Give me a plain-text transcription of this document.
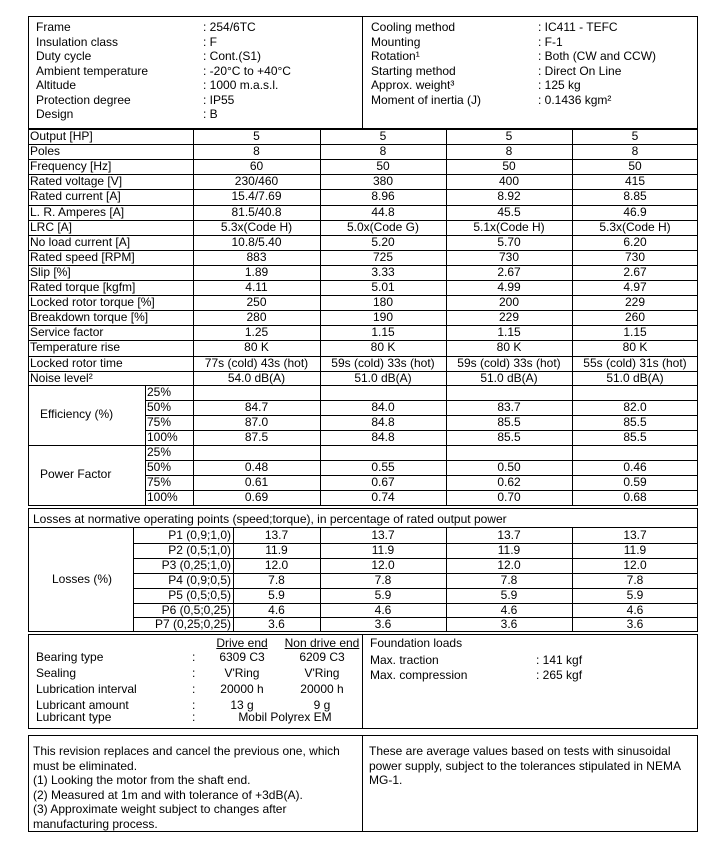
Frame	: 254/6TC
Insulation class	: F
Duty cycle	: Cont.(S1)
Ambient temperature	: -20°C to +40°C
Altitude	: 1000 m.a.s.l.
Protection degree	: IP55
Design	: B
Cooling method	: IC411 - TEFC
Mounting	: F-1
Rotation¹	: Both (CW and CCW)
Starting method	: Direct On Line
Approx. weight³	: 125 kg
Moment of inertia (J)	: 0.1436 kgm²
Output [HP]	5	5	5	5
Poles	8	8	8	8
Frequency [Hz]	60	50	50	50
Rated voltage [V]	230/460	380	400	415
Rated current [A]	15.4/7.69	8.96	8.92	8.85
L. R. Amperes [A]	81.5/40.8	44.8	45.5	46.9
LRC [A]	5.3x(Code H)	5.0x(Code G)	5.1x(Code H)	5.3x(Code H)
No load current [A]	10.8/5.40	5.20	5.70	6.20
Rated speed [RPM]	883	725	730	730
Slip [%]	1.89	3.33	2.67	2.67
Rated torque [kgfm]	4.11	5.01	4.99	4.97
Locked rotor torque [%]	250	180	200	229
Breakdown torque [%]	280	190	229	260
Service factor	1.25	1.15	1.15	1.15
Temperature rise	80 K	80 K	80 K	80 K
Locked rotor time	77s (cold) 43s (hot)	59s (cold) 33s (hot)	59s (cold) 33s (hot)	55s (cold) 31s (hot)
Noise level²	54.0 dB(A)	51.0 dB(A)	51.0 dB(A)	51.0 dB(A)
Efficiency (%)
25%
50%	84.7	84.0	83.7	82.0
75%	87.0	84.8	85.5	85.5
100%	87.5	84.8	85.5	85.5
Power Factor
25%
50%	0.48	0.55	0.50	0.46
75%	0.61	0.67	0.62	0.59
100%	0.69	0.74	0.70	0.68
Losses at normative operating points (speed;torque), in percentage of rated output power
Losses (%)
P1 (0,9;1,0)	13.7	13.7	13.7	13.7
P2 (0,5;1,0)	11.9	11.9	11.9	11.9
P3 (0,25;1,0)	12.0	12.0	12.0	12.0
P4 (0,9;0,5)	7.8	7.8	7.8	7.8
P5 (0,5;0,5)	5.9	5.9	5.9	5.9
P6 (0,5;0,25)	4.6	4.6	4.6	4.6
P7 (0,25;0,25)	3.6	3.6	3.6	3.6
Drive end	Non drive end
Bearing type	:	6309 C3	6209 C3
Sealing	:	V'Ring	V'Ring
Lubrication interval	:	20000 h	20000 h
Lubricant amount	:	13 g	9 g
Lubricant type	:	Mobil Polyrex EM
Foundation loads
Max. traction	: 141 kgf
Max. compression	: 265 kgf
This revision replaces and cancel the previous one, which
must be eliminated.
(1) Looking the motor from the shaft end.
(2) Measured at 1m and with tolerance of +3dB(A).
(3) Approximate weight subject to changes after
manufacturing process.
These are average values based on tests with sinusoidal
power supply, subject to the tolerances stipulated in NEMA
MG-1.
